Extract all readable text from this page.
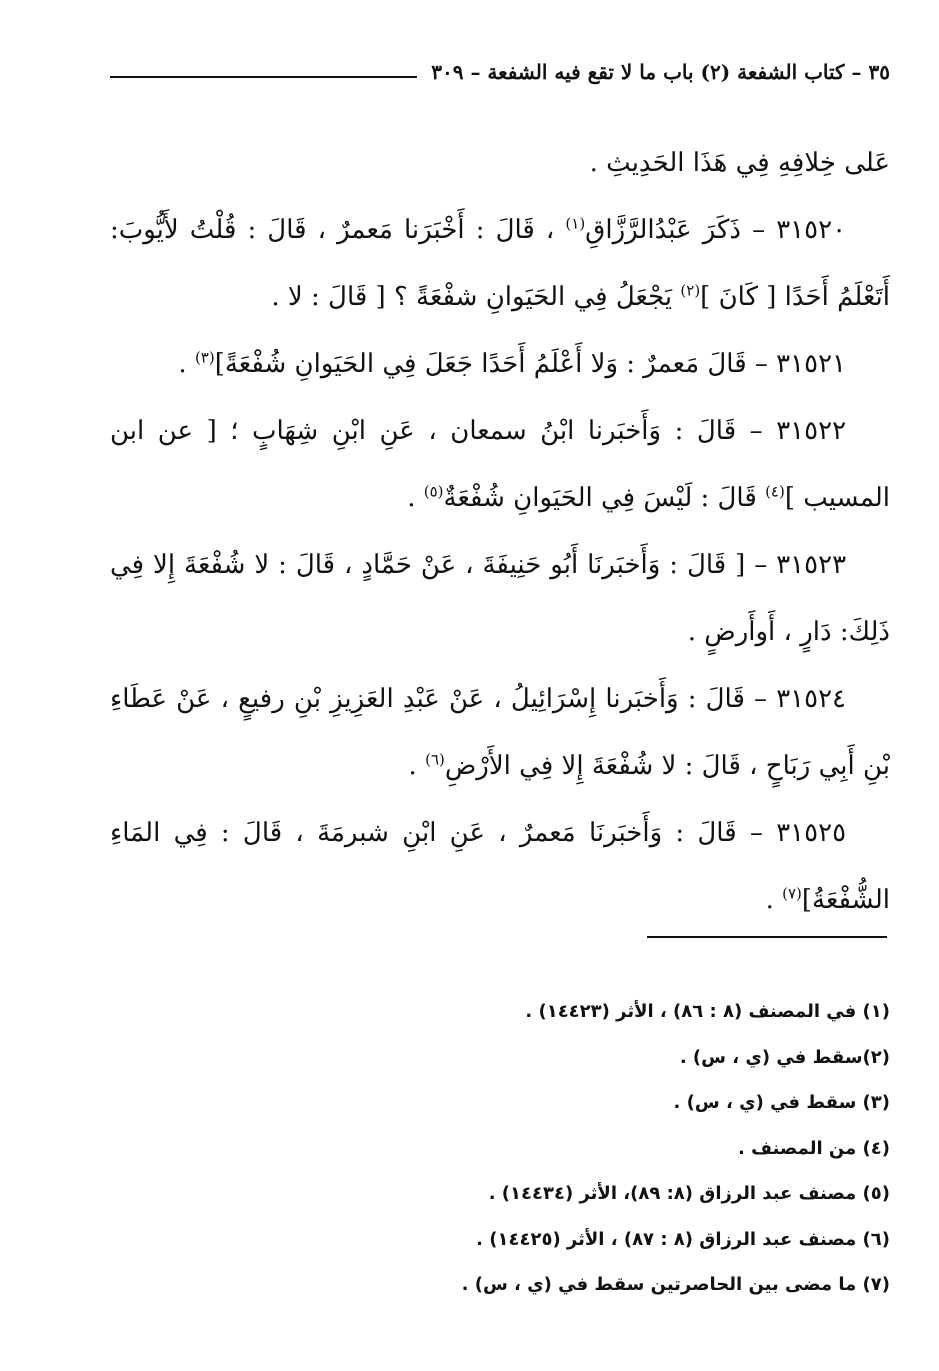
٣٥ – كتاب الشفعة (٢) باب ما لا تقع فيه الشفعة – ٣٠٩

عَلى خِلافِهِ فِي هَذَا الحَدِيثِ .

٣١٥٢٠ – ذَكَرَ عَبْدُالرَّزَّاقِ$^{(١)}$ ، قَالَ : أَخْبَرَنا مَعمرٌ ، قَالَ : قُلْتُ لأَيُّوبَ: أَتَعْلَمُ أَحَدًا [ كَانَ ]$^{(٢)}$ يَجْعَلُ فِي الحَيَوانِ شفْعَةً ؟ [ قَالَ : لا .

٣١٥٢١ – قَالَ مَعمرٌ : وَلا أَعْلَمُ أَحَدًا جَعَلَ فِي الحَيَوانِ شُفْعَةً]$^{(٣)}$ .

٣١٥٢٢ – قَالَ : وَأَخبَرنا ابْنُ سمعان ، عَنِ ابْنِ شِهَابٍ ؛ [ عن ابن المسيب ]$^{(٤)}$ قَالَ : لَيْسَ فِي الحَيَوانِ شُفْعَةٌ$^{(٥)}$ .

٣١٥٢٣ – [ قَالَ : وَأَخبَرنَا أَبُو حَنِيفَةَ ، عَنْ حَمَّادٍ ، قَالَ : لا شُفْعَةَ إِلا فِي ذَلِكَ: دَارٍ ، أَوأَرضٍ .

٣١٥٢٤ – قَالَ : وَأَخبَرنا إِسْرَائِيلُ ، عَنْ عَبْدِ العَزِيزِ بْنِ رفيعٍ ، عَنْ عَطَاءِ بْنِ أَبِي رَبَاحٍ ، قَالَ : لا شُفْعَةَ إِلا فِي الأَرْضِ$^{(٦)}$ .

٣١٥٢٥ – قَالَ : وَأَخبَرنَا مَعمرٌ ، عَنِ ابْنِ شبرمَةَ ، قَالَ : فِي المَاءِ الشُّفْعَةُ]$^{(٧)}$ .

(١) في المصنف (٨ : ٨٦) ، الأثر (١٤٤٢٣) .
(٢)سقط في (ي ، س) .
(٣) سقط في (ي ، س) .
(٤) من المصنف .
(٥) مصنف عبد الرزاق (٨: ٨٩)، الأثر (١٤٤٣٤) .
(٦) مصنف عبد الرزاق (٨ : ٨٧) ، الأثر (١٤٤٢٥) .
(٧) ما مضى بين الحاصرتين سقط في (ي ، س) .
